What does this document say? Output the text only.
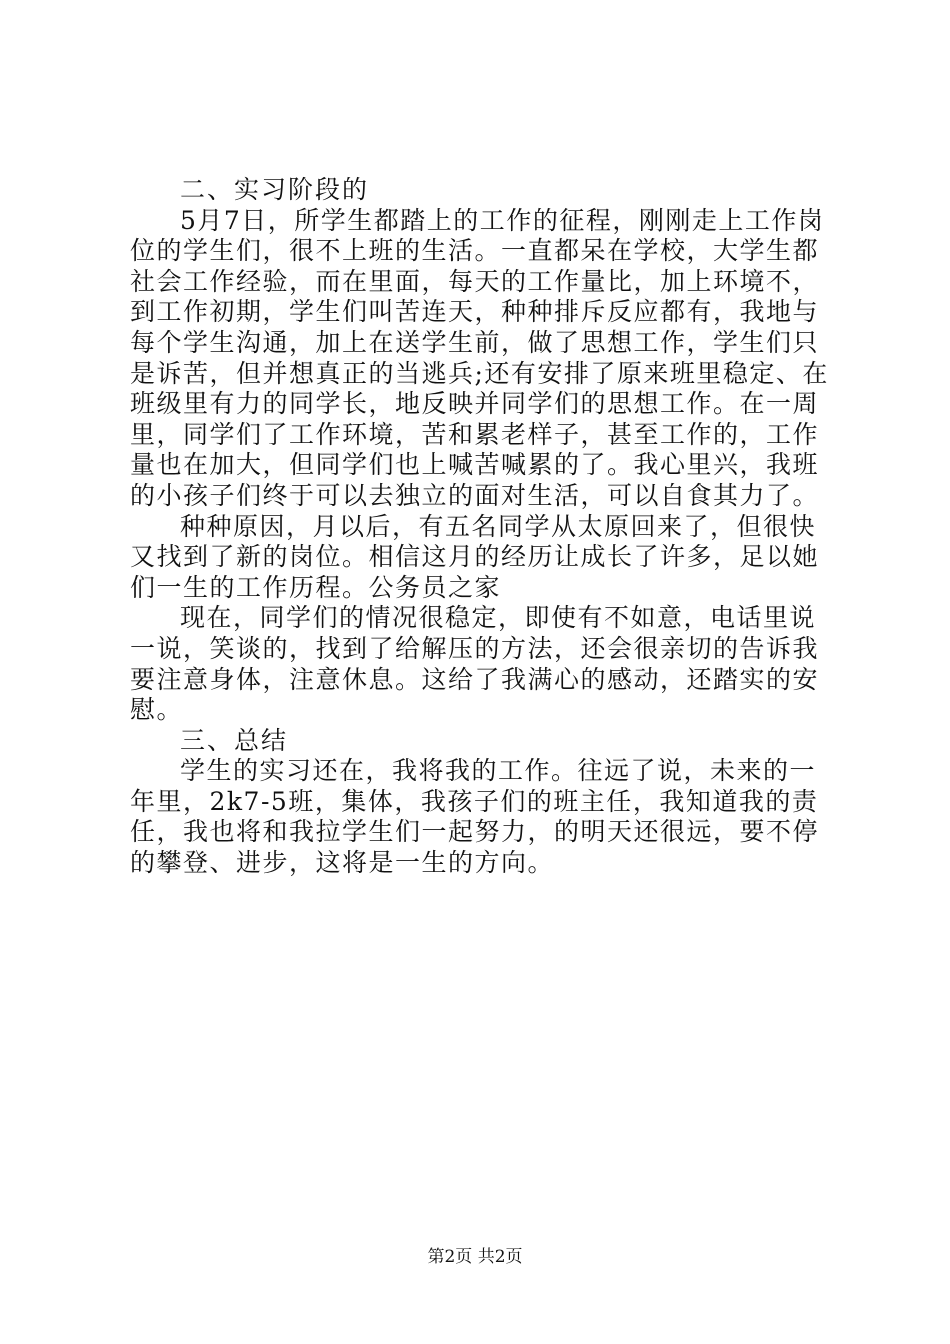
二、实习阶段的

5月7日，所学生都踏上的工作的征程，刚刚走上工作岗位的学生们，很不上班的生活。一直都呆在学校，大学生都社会工作经验，而在里面，每天的工作量比，加上环境不，到工作初期，学生们叫苦连天，种种排斥反应都有，我地与每个学生沟通，加上在送学生前，做了思想工作，学生们只是诉苦，但并想真正的当逃兵;还有安排了原来班里稳定、在班级里有力的同学长，地反映并同学们的思想工作。在一周里，同学们了工作环境，苦和累老样子，甚至工作的，工作量也在加大，但同学们也上喊苦喊累的了。我心里兴，我班的小孩子们终于可以去独立的面对生活，可以自食其力了。

种种原因，月以后，有五名同学从太原回来了，但很快又找到了新的岗位。相信这月的经历让成长了许多，足以她们一生的工作历程。公务员之家

现在，同学们的情况很稳定，即使有不如意，电话里说一说，笑谈的，找到了给解压的方法，还会很亲切的告诉我要注意身体，注意休息。这给了我满心的感动，还踏实的安慰。

三、总结

学生的实习还在，我将我的工作。往远了说，未来的一年里，2k7-5班，集体，我孩子们的班主任，我知道我的责任，我也将和我拉学生们一起努力，的明天还很远，要不停的攀登、进步，这将是一生的方向。

第2页 共2页
